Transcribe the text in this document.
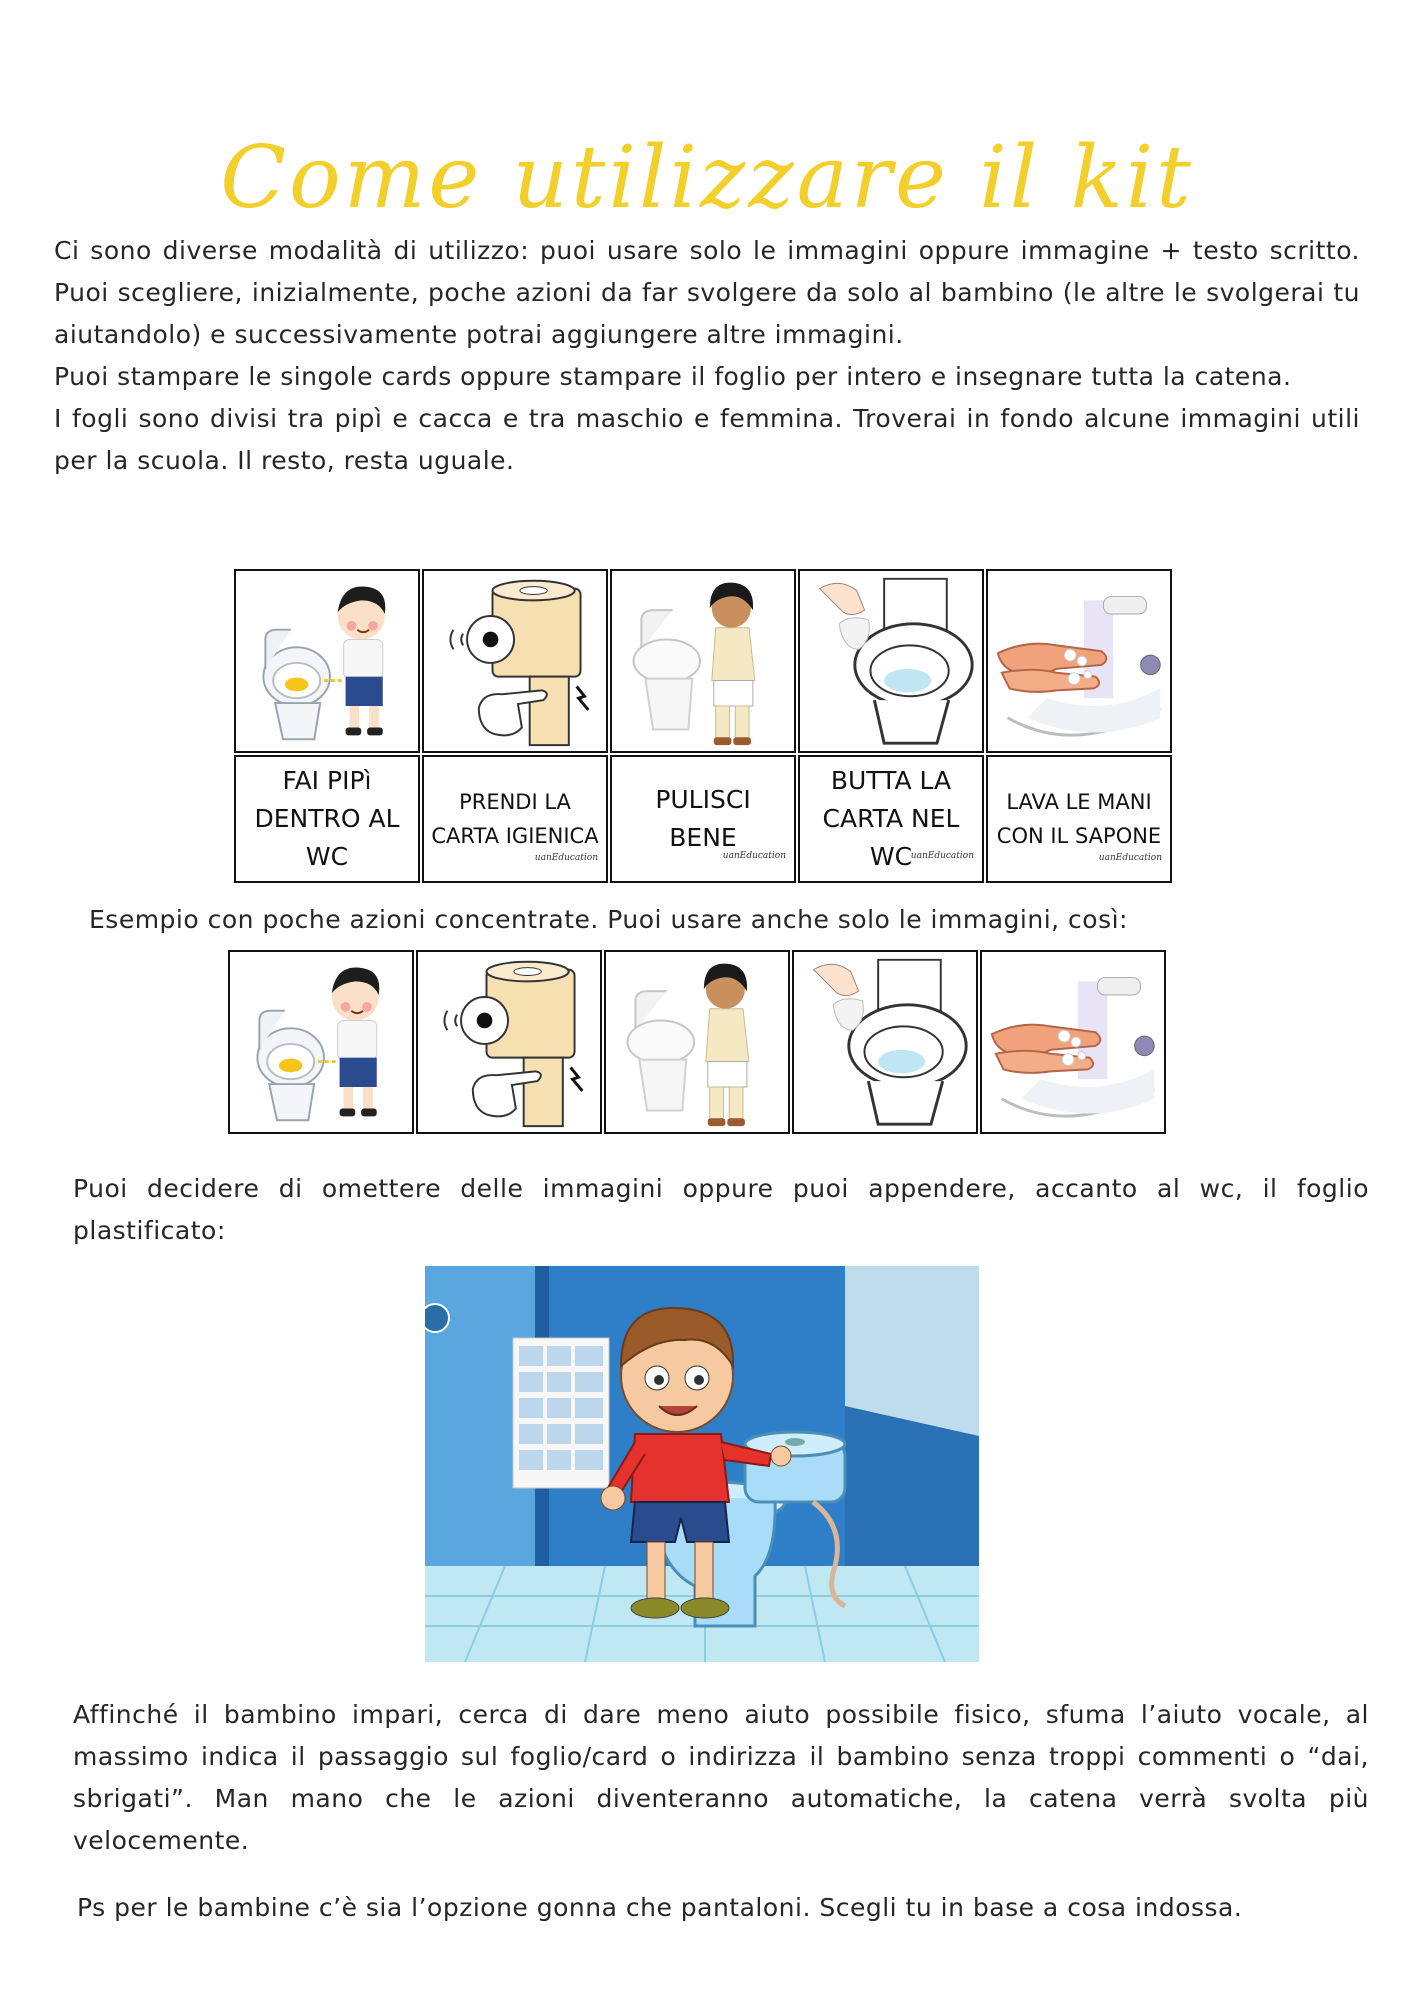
Come utilizzare il kit

Ci sono diverse modalità di utilizzo: puoi usare solo le immagini oppure immagine + testo scritto. Puoi scegliere, inizialmente, poche azioni da far svolgere da solo al bambino (le altre le svolgerai tu aiutandolo) e successivamente potrai aggiungere altre immagini.

Puoi stampare le singole cards oppure stampare il foglio per intero e insegnare tutta la catena.

I fogli sono divisi tra pipì e cacca e tra maschio e femmina. Troverai in fondo alcune immagini utili per la scuola. Il resto, resta uguale.

FAI PIPì DENTRO AL WC
PRENDI LA CARTA IGIENICA
uanEducation
PULISCI BENE
uanEducation
BUTTA LA CARTA NEL WC
uanEducation
LAVA LE MANI CON IL SAPONE
uanEducation
Esempio con poche azioni concentrate. Puoi usare anche solo le immagini, così:
Puoi decidere di omettere delle immagini oppure puoi appendere, accanto al wc, il foglio plastificato:
Affinché il bambino impari, cerca di dare meno aiuto possibile fisico, sfuma l’aiuto vocale, al massimo indica il passaggio sul foglio/card o indirizza il bambino senza troppi commenti o “dai, sbrigati”. Man mano che le azioni diventeranno automatiche, la catena verrà svolta più velocemente.
Ps per le bambine c’è sia l’opzione gonna che pantaloni. Scegli tu in base a cosa indossa.
